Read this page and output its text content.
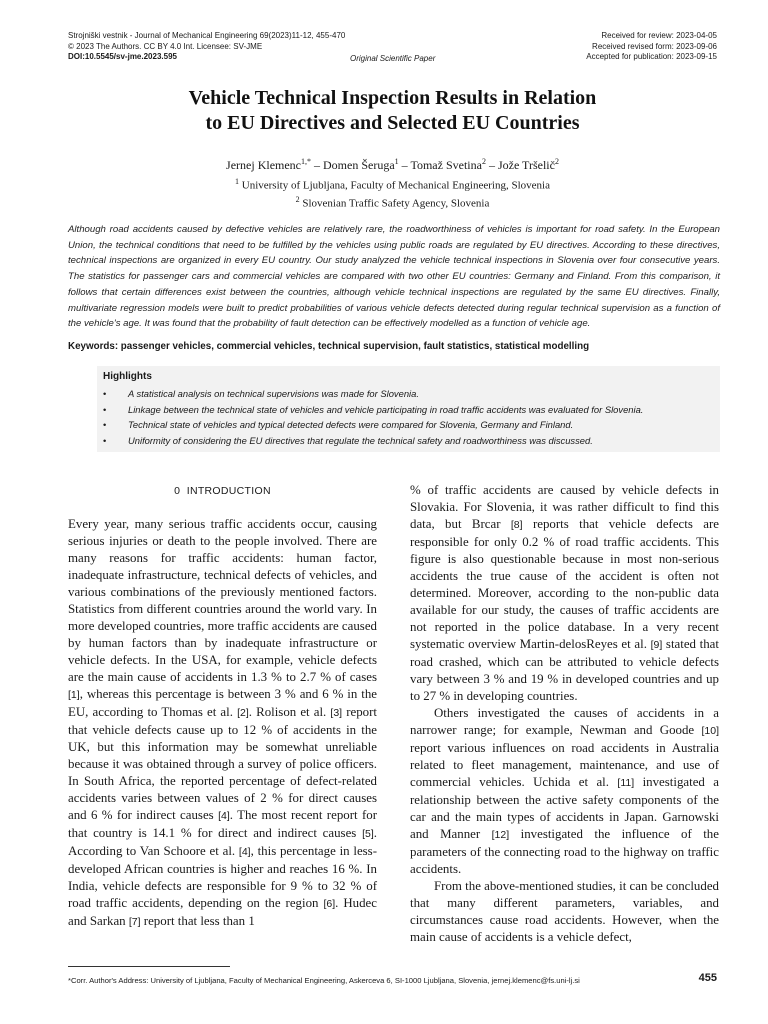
Strojniški vestnik - Journal of Mechanical Engineering 69(2023)11-12, 455-470
© 2023 The Authors. CC BY 4.0 Int. Licensee: SV-JME
DOI:10.5545/sv-jme.2023.595	Original Scientific Paper
Received for review: 2023-04-05
Received revised form: 2023-09-06
Accepted for publication: 2023-09-15
Vehicle Technical Inspection Results in Relation
to EU Directives and Selected EU Countries
Jernej Klemenc$^{1,*}$ – Domen Šeruga$^1$ – Tomaž Svetina$^2$ – Jože Tršelič$^2$
$^1$ University of Ljubljana, Faculty of Mechanical Engineering, Slovenia
$^2$ Slovenian Traffic Safety Agency, Slovenia
Although road accidents caused by defective vehicles are relatively rare, the roadworthiness of vehicles is important for road safety. In the European Union, the technical conditions that need to be fulfilled by the vehicles using public roads are regulated by EU directives. According to these directives, technical inspections are organized in every EU country. Our study analyzed the vehicle technical inspections in Slovenia over four consecutive years. The statistics for passenger cars and commercial vehicles are compared with two other EU countries: Germany and Finland. From this comparison, it follows that certain differences exist between the countries, although vehicle technical inspections are regulated by the same EU directives. Finally, multivariate regression models were built to predict probabilities of various vehicle defects detected during regular technical supervision as a function of the vehicle's age. It was found that the probability of fault detection can be effectively modelled as a function of vehicle age.
Keywords: passenger vehicles, commercial vehicles, technical supervision, fault statistics, statistical modelling
Highlights
• A statistical analysis on technical supervisions was made for Slovenia.
• Linkage between the technical state of vehicles and vehicle participating in road traffic accidents was evaluated for Slovenia.
• Technical state of vehicles and typical detected defects were compared for Slovenia, Germany and Finland.
• Uniformity of considering the EU directives that regulate the technical safety and roadworthiness was discussed.
0 INTRODUCTION

Every year, many serious traffic accidents occur, causing serious injuries or death to the people involved. There are many reasons for traffic accidents: human factor, inadequate infrastructure, technical defects of vehicles, and various combinations of the previously mentioned factors. Statistics from different countries around the world vary. In more developed countries, more traffic accidents are caused by human factors than by inadequate infrastructure or vehicle defects. In the USA, for example, vehicle defects are the main cause of accidents in 1.3 % to 2.7 % of cases [1], whereas this percentage is between 3 % and 6 % in the EU, according to Thomas et al. [2]. Rolison et al. [3] report that vehicle defects cause up to 12 % of accidents in the UK, but this information may be somewhat unreliable because it was obtained through a survey of police officers. In South Africa, the reported percentage of defect-related accidents varies between values of 2 % for direct causes and 6 % for indirect causes [4]. The most recent report for that country is 14.1 % for direct and indirect causes [5]. According to Van Schoore et al. [4], this percentage in less-developed African countries is higher and reaches 16 %. In India, vehicle defects are responsible for 9 % to 32 % of road traffic accidents, depending on the region [6]. Hudec and Sarkan [7] report that less than 1

% of traffic accidents are caused by vehicle defects in Slovakia. For Slovenia, it was rather difficult to find this data, but Brcar [8] reports that vehicle defects are responsible for only 0.2 % of road traffic accidents. This figure is also questionable because in most non-serious accidents the true cause of the accident is often not determined. Moreover, according to the non-public data available for our study, the causes of traffic accidents are not reported in the police database. In a very recent systematic overview Martin-delosReyes et al. [9] stated that road crashed, which can be attributed to vehicle defects vary between 3 % and 19 % in developed countries and up to 27 % in developing countries.

Others investigated the causes of accidents in a narrower range; for example, Newman and Goode [10] report various influences on road accidents in Australia related to fleet management, maintenance, and use of commercial vehicles. Uchida et al. [11] investigated a relationship between the active safety components of the car and the main types of accidents in Japan. Garnowski and Manner [12] investigated the influence of the parameters of the connecting road to the highway on traffic accidents.

From the above-mentioned studies, it can be concluded that many different parameters, variables, and circumstances cause road accidents. However, when the main cause of accidents is a vehicle defect,

*Corr. Author's Address: University of Ljubljana, Faculty of Mechanical Engineering, Askerceva 6, SI-1000 Ljubljana, Slovenia, jernej.klemenc@fs.uni-lj.si	455
